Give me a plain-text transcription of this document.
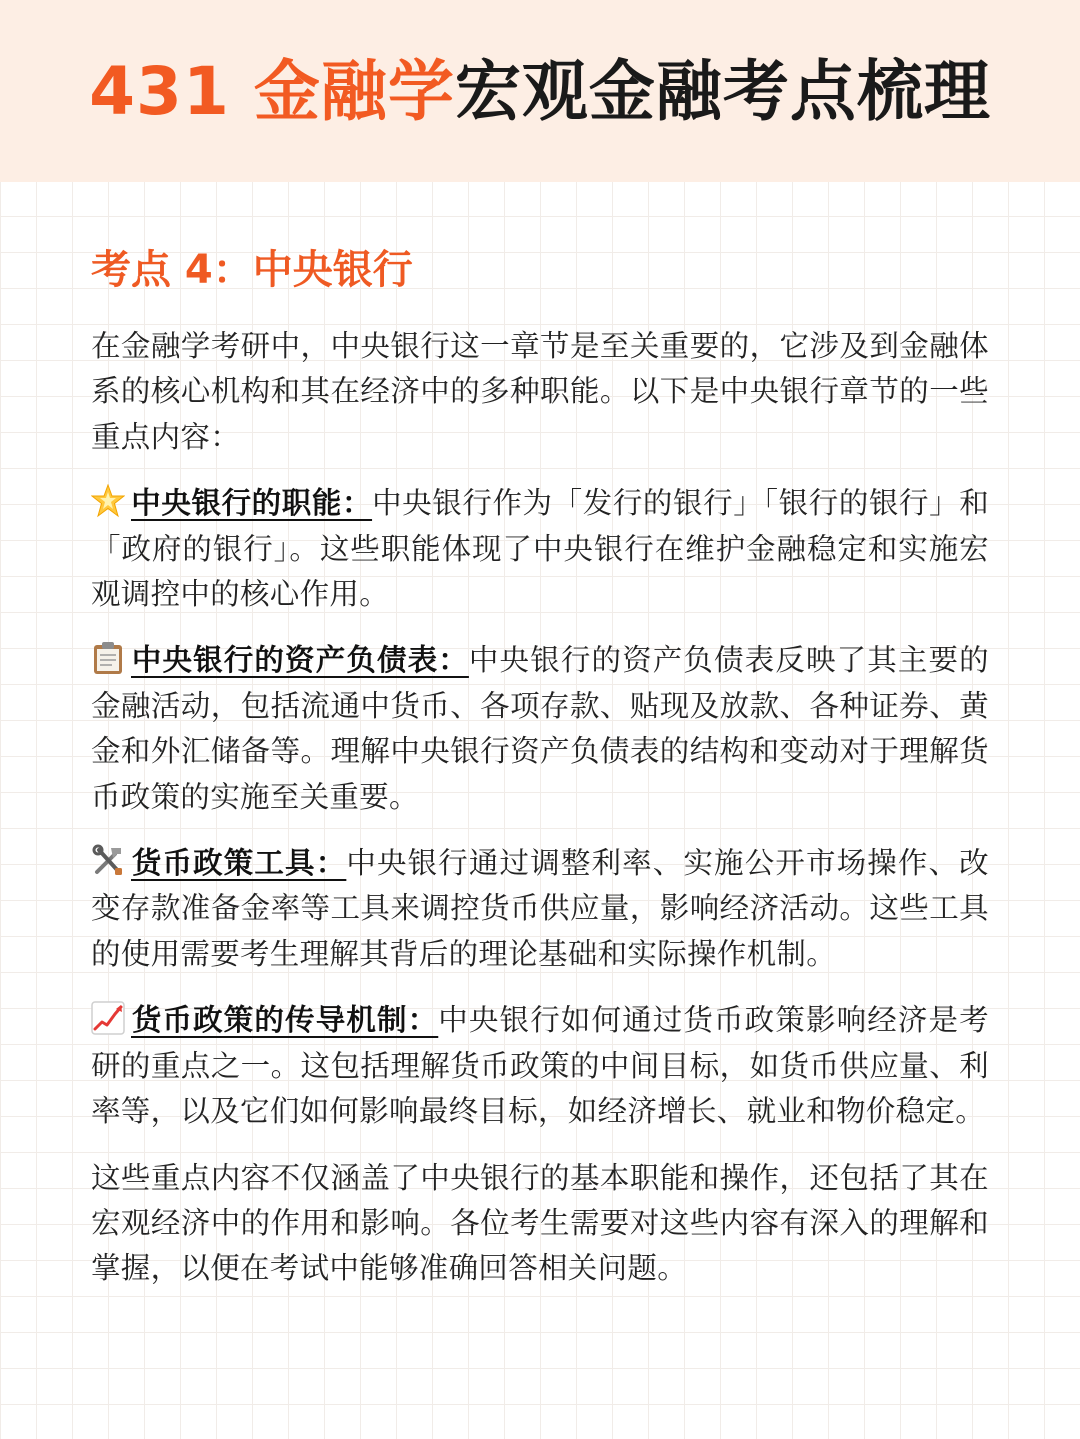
431 金融学宏观金融考点梳理
考点 4：中央银行

在金融学考研中，中央银行这一章节是至关重要的，它涉及到金融体系的核心机构和其在经济中的多种职能。以下是中央银行章节的一些重点内容：

中央银行的职能：中央银行作为「发行的银行」「银行的银行」和「政府的银行」。这些职能体现了中央银行在维护金融稳定和实施宏观调控中的核心作用。

中央银行的资产负债表：中央银行的资产负债表反映了其主要的金融活动，包括流通中货币、各项存款、贴现及放款、各种证券、黄金和外汇储备等。理解中央银行资产负债表的结构和变动对于理解货币政策的实施至关重要。

货币政策工具：中央银行通过调整利率、实施公开市场操作、改变存款准备金率等工具来调控货币供应量，影响经济活动。这些工具的使用需要考生理解其背后的理论基础和实际操作机制。

货币政策的传导机制：中央银行如何通过货币政策影响经济是考研的重点之一。这包括理解货币政策的中间目标，如货币供应量、利率等，以及它们如何影响最终目标，如经济增长、就业和物价稳定。

这些重点内容不仅涵盖了中央银行的基本职能和操作，还包括了其在宏观经济中的作用和影响。各位考生需要对这些内容有深入的理解和掌握，以便在考试中能够准确回答相关问题。
